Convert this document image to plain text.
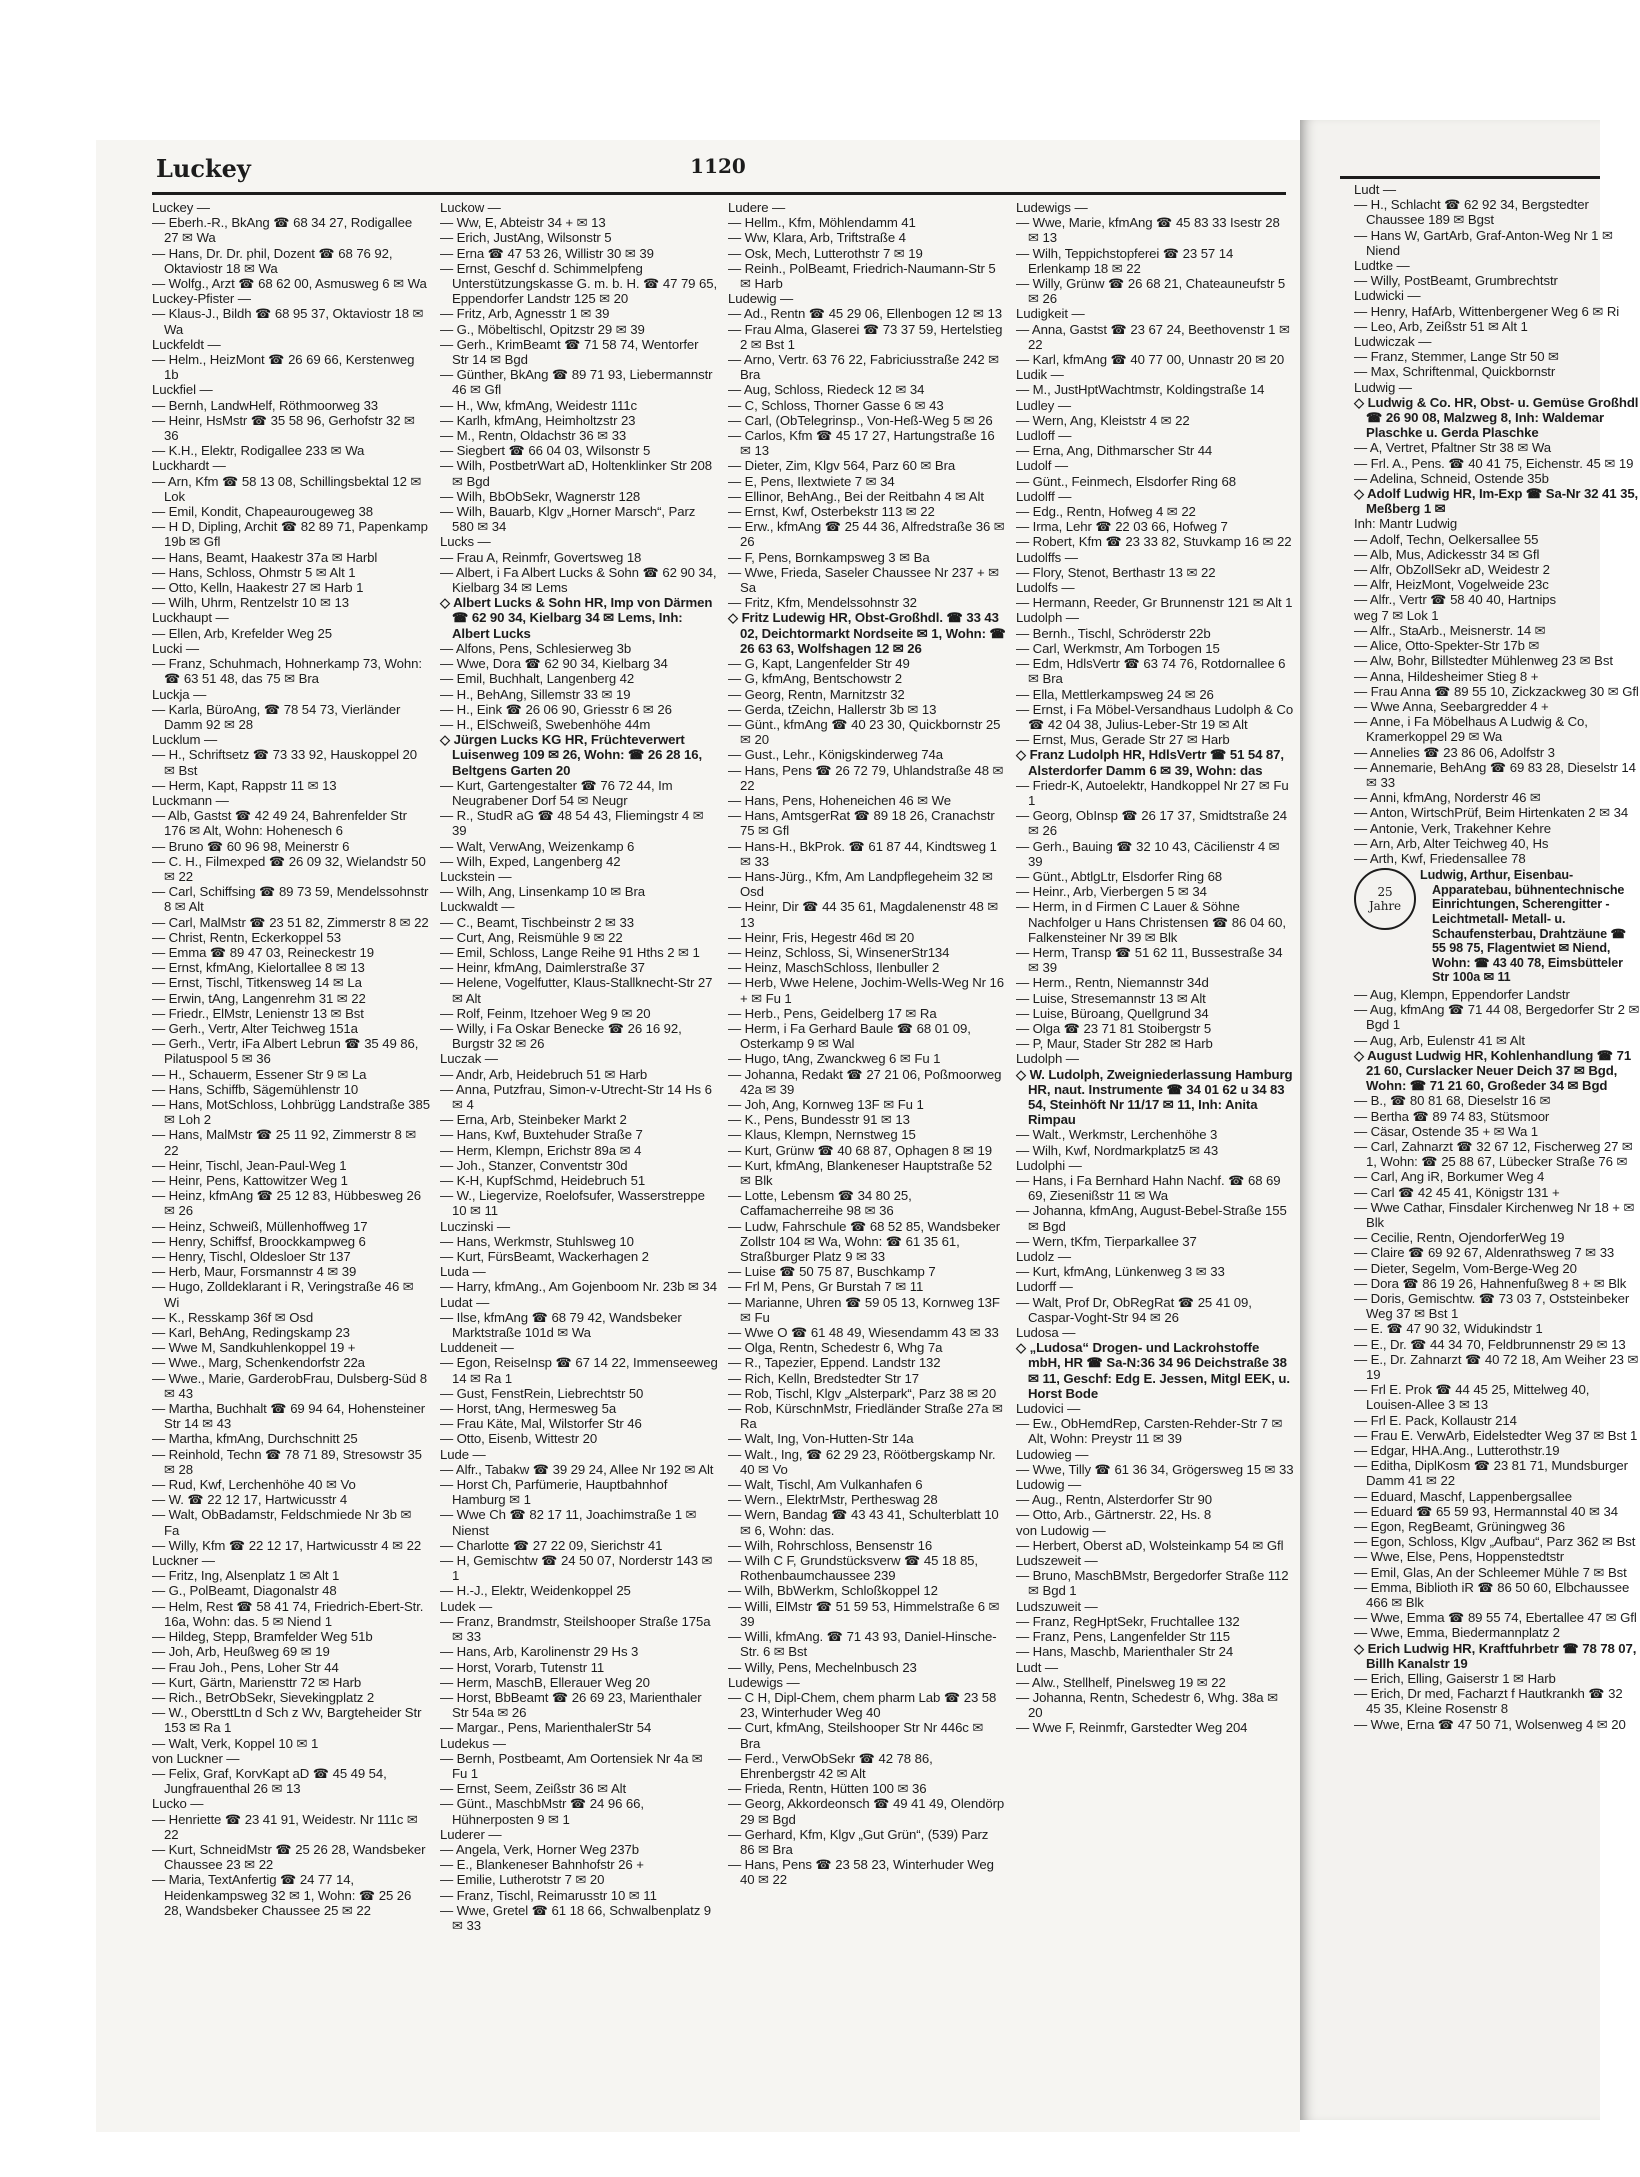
Luckey	1120
Luckey —
— Eberh.-R., BkAng ☎ 68 34 27, Rodigallee 27 ✉ Wa
— Hans, Dr. Dr. phil, Dozent ☎ 68 76 92, Oktaviostr 18 ✉ Wa
— Wolfg., Arzt ☎ 68 62 00, Asmusweg 6 ✉ Wa
Luckey-Pfister —
— Klaus-J., Bildh ☎ 68 95 37, Oktaviostr 18 ✉ Wa
Luckfeldt —
— Helm., HeizMont ☎ 26 69 66, Kerstenweg 1b
Luckfiel —
— Bernh, LandwHelf, Röthmoorweg 33
— Heinr, HsMstr ☎ 35 58 96, Gerhofstr 32 ✉ 36
— K.H., Elektr, Rodigallee 233 ✉ Wa
Luckhardt —
— Arn, Kfm ☎ 58 13 08, Schillingsbektal 12 ✉ Lok
— Emil, Kondit, Chapeaurougeweg 38
— H D, Dipling, Archit ☎ 82 89 71, Papenkamp 19b ✉ Gfl
— Hans, Beamt, Haakestr 37a ✉ Harbl
— Hans, Schloss, Ohmstr 5 ✉ Alt 1
— Otto, Kelln, Haakestr 27 ✉ Harb 1
— Wilh, Uhrm, Rentzelstr 10 ✉ 13
Luckhaupt —
— Ellen, Arb, Krefelder Weg 25
Lucki —
— Franz, Schuhmach, Hohnerkamp 73, Wohn: ☎ 63 51 48, das 75 ✉ Bra
Luckja —
— Karla, BüroAng, ☎ 78 54 73, Vierländer Damm 92 ✉ 28
Lucklum —
— H., Schriftsetz ☎ 73 33 92, Hauskoppel 20 ✉ Bst
— Herm, Kapt, Rappstr 11 ✉ 13
Luckmann —
— Alb, Gastst ☎ 42 49 24, Bahrenfelder Str 176 ✉ Alt, Wohn: Hohenesch 6
— Bruno ☎ 60 96 98, Meinerstr 6
— C. H., Filmexped ☎ 26 09 32, Wielandstr 50 ✉ 22
— Carl, Schiffsing ☎ 89 73 59, Mendelssohnstr 8 ✉ Alt
— Carl, MalMstr ☎ 23 51 82, Zimmerstr 8 ✉ 22
— Christ, Rentn, Eckerkoppel 53
— Emma ☎ 89 47 03, Reineckestr 19
— Ernst, kfmAng, Kielortallee 8 ✉ 13
— Ernst, Tischl, Titkensweg 14 ✉ La
— Erwin, tAng, Langenrehm 31 ✉ 22
— Friedr., ElMstr, Lenienstr 13 ✉ Bst
— Gerh., Vertr, Alter Teichweg 151a
— Gerh., Vertr, iFa Albert Lebrun ☎ 35 49 86, Pilatuspool 5 ✉ 36
— H., Schauerm, Essener Str 9 ✉ La
— Hans, Schiffb, Sägemühlenstr 10
— Hans, MotSchloss, Lohbrügg Landstraße 385 ✉ Loh 2
— Hans, MalMstr ☎ 25 11 92, Zimmerstr 8 ✉ 22
— Heinr, Tischl, Jean-Paul-Weg 1
— Heinr, Pens, Kattowitzer Weg 1
— Heinz, kfmAng ☎ 25 12 83, Hübbesweg 26 ✉ 26
— Heinz, Schweiß, Müllenhoffweg 17
— Henry, Schiffsf, Broockkampweg 6
— Henry, Tischl, Oldesloer Str 137
— Herb, Maur, Forsmannstr 4 ✉ 39
— Hugo, Zolldeklarant i R, Veringstraße 46 ✉ Wi
— K., Resskamp 36f ✉ Osd
— Karl, BehAng, Redingskamp 23
— Wwe M, Sandkuhlenkoppel 19 +
— Wwe., Marg, Schenkendorfstr 22a
— Wwe., Marie, GarderobFrau, Dulsberg-Süd 8 ✉ 43
— Martha, Buchhalt ☎ 69 94 64, Hohensteiner Str 14 ✉ 43
— Martha, kfmAng, Durchschnitt 25
— Reinhold, Techn ☎ 78 71 89, Stresowstr 35 ✉ 28
— Rud, Kwf, Lerchenhöhe 40 ✉ Vo
— W. ☎ 22 12 17, Hartwicusstr 4
— Walt, ObBadamstr, Feldschmiede Nr 3b ✉ Fa
— Willy, Kfm ☎ 22 12 17, Hartwicusstr 4 ✉ 22
Luckner —
— Fritz, Ing, Alsenplatz 1 ✉ Alt 1
— G., PolBeamt, Diagonalstr 48
— Helm, Rest ☎ 58 41 74, Friedrich-Ebert-Str. 16a, Wohn: das. 5 ✉ Niend 1
— Hildeg, Stepp, Bramfelder Weg 51b
— Joh, Arb, Heußweg 69 ✉ 19
— Frau Joh., Pens, Loher Str 44
— Kurt, Gärtn, Mariensttr 72 ✉ Harb
— Rich., BetrObSekr, Sievekingplatz 2
— W., ObersttLtn d Sch z Wv, Bargteheider Str 153 ✉ Ra 1
— Walt, Verk, Koppel 10 ✉ 1
von Luckner —
— Felix, Graf, KorvKapt aD ☎ 45 49 54, Jungfrauenthal 26 ✉ 13
Lucko —
— Henriette ☎ 23 41 91, Weidestr. Nr 111c ✉ 22
— Kurt, SchneidMstr ☎ 25 26 28, Wandsbeker Chaussee 23 ✉ 22
— Maria, TextAnfertig ☎ 24 77 14, Heidenkampsweg 32 ✉ 1, Wohn: ☎ 25 26 28, Wandsbeker Chaussee 25 ✉ 22
Luckow —
— Ww, E, Abteistr 34 + ✉ 13
— Erich, JustAng, Wilsonstr 5
— Erna ☎ 47 53 26, Willistr 30 ✉ 39
— Ernst, Geschf d. Schimmelpfeng Unterstützungskasse G. m. b. H. ☎ 47 79 65, Eppendorfer Landstr 125 ✉ 20
— Fritz, Arb, Agnesstr 1 ✉ 39
— G., Möbeltischl, Opitzstr 29 ✉ 39
— Gerh., KrimBeamt ☎ 71 58 74, Wentorfer Str 14 ✉ Bgd
— Günther, BkAng ☎ 89 71 93, Liebermannstr 46 ✉ Gfl
— H., Ww, kfmAng, Weidestr 111c
— Karlh, kfmAng, Heimholtzstr 23
— M., Rentn, Oldachstr 36 ✉ 33
— Siegbert ☎ 66 04 03, Wilsonstr 5
— Wilh, PostbetrWart aD, Holtenklinker Str 208 ✉ Bgd
— Wilh, BbObSekr, Wagnerstr 128
— Wilh, Bauarb, Klgv „Horner Marsch“, Parz 580 ✉ 34
Lucks —
— Frau A, Reinmfr, Govertsweg 18
— Albert, i Fa Albert Lucks & Sohn ☎ 62 90 34, Kielbarg 34 ✉ Lems
◇ Albert Lucks & Sohn HR, Imp von Därmen ☎ 62 90 34, Kielbarg 34 ✉ Lems, Inh: Albert Lucks
— Alfons, Pens, Schlesierweg 3b
— Wwe, Dora ☎ 62 90 34, Kielbarg 34
— Emil, Buchhalt, Langenberg 42
— H., BehAng, Sillemstr 33 ✉ 19
— H., Eink ☎ 26 06 90, Griesstr 6 ✉ 26
— H., ElSchweiß, Swebenhöhe 44m
◇ Jürgen Lucks KG HR, Früchteverwert Luisenweg 109 ✉ 26, Wohn: ☎ 26 28 16, Beltgens Garten 20
— Kurt, Gartengestalter ☎ 76 72 44, Im Neugrabener Dorf 54 ✉ Neugr
— R., StudR aG ☎ 48 54 43, Fliemingstr 4 ✉ 39
— Walt, VerwAng, Weizenkamp 6
— Wilh, Exped, Langenberg 42
Luckstein —
— Wilh, Ang, Linsenkamp 10 ✉ Bra
Luckwaldt —
— C., Beamt, Tischbeinstr 2 ✉ 33
— Curt, Ang, Reismühle 9 ✉ 22
— Emil, Schloss, Lange Reihe 91 Hths 2 ✉ 1
— Heinr, kfmAng, Daimlerstraße 37
— Helene, Vogelfutter, Klaus-Stallknecht-Str 27 ✉ Alt
— Rolf, Feinm, Itzehoer Weg 9 ✉ 20
— Willy, i Fa Oskar Benecke ☎ 26 16 92, Burgstr 32 ✉ 26
Luczak —
— Andr, Arb, Heidebruch 51 ✉ Harb
— Anna, Putzfrau, Simon-v-Utrecht-Str 14 Hs 6 ✉ 4
— Erna, Arb, Steinbeker Markt 2
— Hans, Kwf, Buxtehuder Straße 7
— Herm, Klempn, Erichstr 89a ✉ 4
— Joh., Stanzer, Conventstr 30d
— K-H, KupfSchmd, Heidebruch 51
— W., Liegervize, Roelofsufer, Wasserstreppe 10 ✉ 11
Luczinski —
— Hans, Werkmstr, Stuhlsweg 10
— Kurt, FürsBeamt, Wackerhagen 2
Luda —
— Harry, kfmAng., Am Gojenboom Nr. 23b ✉ 34
Ludat —
— Ilse, kfmAng ☎ 68 79 42, Wandsbeker Marktstraße 101d ✉ Wa
Luddeneit —
— Egon, ReiseInsp ☎ 67 14 22, Immenseeweg 14 ✉ Ra 1
— Gust, FenstRein, Liebrechtstr 50
— Horst, tAng, Hermesweg 5a
— Frau Käte, Mal, Wilstorfer Str 46
— Otto, Eisenb, Wittestr 20
Lude —
— Alfr., Tabakw ☎ 39 29 24, Allee Nr 192 ✉ Alt
— Horst Ch, Parfümerie, Hauptbahnhof Hamburg ✉ 1
— Wwe Ch ☎ 82 17 11, Joachimstraße 1 ✉ Nienst
— Charlotte ☎ 27 22 09, Sierichstr 41
— H, Gemischtw ☎ 24 50 07, Norderstr 143 ✉ 1
— H.-J., Elektr, Weidenkoppel 25
Ludek —
— Franz, Brandmstr, Steilshooper Straße 175a ✉ 33
— Hans, Arb, Karolinenstr 29 Hs 3
— Horst, Vorarb, Tutenstr 11
— Herm, MaschB, Ellerauer Weg 20
— Horst, BbBeamt ☎ 26 69 23, Marienthaler Str 54a ✉ 26
— Margar., Pens, MarienthalerStr 54
Ludekus —
— Bernh, Postbeamt, Am Oortensiek Nr 4a ✉ Fu 1
— Ernst, Seem, Zeißstr 36 ✉ Alt
— Günt., MaschbMstr ☎ 24 96 66, Hühnerposten 9 ✉ 1
Luderer —
— Angela, Verk, Horner Weg 237b
— E., Blankeneser Bahnhofstr 26 +
— Emilie, Lutherotstr 7 ✉ 20
— Franz, Tischl, Reimarusstr 10 ✉ 11
— Wwe, Gretel ☎ 61 18 66, Schwalbenplatz 9 ✉ 33
Ludere —
— Hellm., Kfm, Möhlendamm 41
— Ww, Klara, Arb, Triftstraße 4
— Osk, Mech, Lutterothstr 7 ✉ 19
— Reinh., PolBeamt, Friedrich-Naumann-Str 5 ✉ Harb
Ludewig —
— Ad., Rentn ☎ 45 29 06, Ellenbogen 12 ✉ 13
— Frau Alma, Glaserei ☎ 73 37 59, Hertelstieg 2 ✉ Bst 1
— Arno, Vertr. 63 76 22, Fabriciusstraße 242 ✉ Bra
— Aug, Schloss, Riedeck 12 ✉ 34
— C, Schloss, Thorner Gasse 6 ✉ 43
— Carl, (ObTelegrinsp., Von-Heß-Weg 5 ✉ 26
— Carlos, Kfm ☎ 45 17 27, Hartungstraße 16 ✉ 13
— Dieter, Zim, Klgv 564, Parz 60 ✉ Bra
— E, Pens, Ilextwiete 7 ✉ 34
— Ellinor, BehAng., Bei der Reitbahn 4 ✉ Alt
— Ernst, Kwf, Osterbekstr 113 ✉ 22
— Erw., kfmAng ☎ 25 44 36, Alfredstraße 36 ✉ 26
— F, Pens, Bornkampsweg 3 ✉ Ba
— Wwe, Frieda, Saseler Chaussee Nr 237 + ✉ Sa
— Fritz, Kfm, Mendelssohnstr 32
◇ Fritz Ludewig HR, Obst-Großhdl. ☎ 33 43 02, Deichtormarkt Nordseite ✉ 1, Wohn: ☎ 26 63 63, Wolfshagen 12 ✉ 26
— G, Kapt, Langenfelder Str 49
— G, kfmAng, Bentschowstr 2
— Georg, Rentn, Marnitzstr 32
— Gerda, tZeichn, Hallerstr 3b ✉ 13
— Günt., kfmAng ☎ 40 23 30, Quickbornstr 25 ✉ 20
— Gust., Lehr., Königskinderweg 74a
— Hans, Pens ☎ 26 72 79, Uhlandstraße 48 ✉ 22
— Hans, Pens, Hoheneichen 46 ✉ We
— Hans, AmtsgerRat ☎ 89 18 26, Cranachstr 75 ✉ Gfl
— Hans-H., BkProk. ☎ 61 87 44, Kindtsweg 1 ✉ 33
— Hans-Jürg., Kfm, Am Landpflegeheim 32 ✉ Osd
— Heinr, Dir ☎ 44 35 61, Magdalenenstr 48 ✉ 13
— Heinr, Fris, Hegestr 46d ✉ 20
— Heinz, Schloss, Si, WinsenerStr134
— Heinz, MaschSchloss, Ilenbuller 2
— Herb, Wwe Helene, Jochim-Wells-Weg Nr 16 + ✉ Fu 1
— Herb., Pens, Geidelberg 17 ✉ Ra
— Herm, i Fa Gerhard Baule ☎ 68 01 09, Osterkamp 9 ✉ Wal
— Hugo, tAng, Zwanckweg 6 ✉ Fu 1
— Johanna, Redakt ☎ 27 21 06, Poßmoorweg 42a ✉ 39
— Joh, Ang, Kornweg 13F ✉ Fu 1
— K., Pens, Bundesstr 91 ✉ 13
— Klaus, Klempn, Nernstweg 15
— Kurt, Grünw ☎ 40 68 87, Ophagen 8 ✉ 19
— Kurt, kfmAng, Blankeneser Hauptstraße 52 ✉ Blk
— Lotte, Lebensm ☎ 34 80 25, Caffamacherreihe 98 ✉ 36
— Ludw, Fahrschule ☎ 68 52 85, Wandsbeker Zollstr 104 ✉ Wa, Wohn: ☎ 61 35 61, Straßburger Platz 9 ✉ 33
— Luise ☎ 50 75 87, Buschkamp 7
— Frl M, Pens, Gr Burstah 7 ✉ 11
— Marianne, Uhren ☎ 59 05 13, Kornweg 13F ✉ Fu
— Wwe O ☎ 61 48 49, Wiesendamm 43 ✉ 33
— Olga, Rentn, Schedestr 6, Whg 7a
— R., Tapezier, Eppend. Landstr 132
— Rich, Kelln, Bredstedter Str 17
— Rob, Tischl, Klgv „Alsterpark“, Parz 38 ✉ 20
— Rob, KürschnMstr, Friedländer Straße 27a ✉ Ra
— Walt, Ing, Von-Hutten-Str 14a
— Walt., Ing, ☎ 62 29 23, Röötbergskamp Nr. 40 ✉ Vo
— Walt, Tischl, Am Vulkanhafen 6
— Wern., ElektrMstr, Pertheswag 28
— Wern, Bandag ☎ 43 43 41, Schulterblatt 10 ✉ 6, Wohn: das.
— Wilh, Rohrschloss, Bensenstr 16
— Wilh C F, Grundstücksverw ☎ 45 18 85, Rothenbaumchaussee 239
— Wilh, BbWerkm, Schloßkoppel 12
— Willi, ElMstr ☎ 51 59 53, Himmelstraße 6 ✉ 39
— Willi, kfmAng. ☎ 71 43 93, Daniel-Hinsche-Str. 6 ✉ Bst
— Willy, Pens, Mechelnbusch 23
Ludewigs —
— C H, Dipl-Chem, chem pharm Lab ☎ 23 58 23, Winterhuder Weg 40
— Curt, kfmAng, Steilshooper Str Nr 446c ✉ Bra
— Ferd., VerwObSekr ☎ 42 78 86, Ehrenbergstr 42 ✉ Alt
— Frieda, Rentn, Hütten 100 ✉ 36
— Georg, Akkordeonsch ☎ 49 41 49, Olendörp 29 ✉ Bgd
— Gerhard, Kfm, Klgv „Gut Grün“, (539) Parz 86 ✉ Bra
— Hans, Pens ☎ 23 58 23, Winterhuder Weg 40 ✉ 22
Ludewigs —
— Wwe, Marie, kfmAng ☎ 45 83 33 Isestr 28 ✉ 13
— Wilh, Teppichstopferei ☎ 23 57 14 Erlenkamp 18 ✉ 22
— Willy, Grünw ☎ 26 68 21, Chateauneufstr 5 ✉ 26
Ludigkeit —
— Anna, Gastst ☎ 23 67 24, Beethovenstr 1 ✉ 22
— Karl, kfmAng ☎ 40 77 00, Unnastr 20 ✉ 20
Ludik —
— M., JustHptWachtmstr, Koldingstraße 14
Ludley —
— Wern, Ang, Kleiststr 4 ✉ 22
Ludloff —
— Erna, Ang, Dithmarscher Str 44
Ludolf —
— Günt., Feinmech, Elsdorfer Ring 68
Ludolff —
— Edg., Rentn, Hofweg 4 ✉ 22
— Irma, Lehr ☎ 22 03 66, Hofweg 7
— Robert, Kfm ☎ 23 33 82, Stuvkamp 16 ✉ 22
Ludolffs —
— Flory, Stenot, Berthastr 13 ✉ 22
Ludolfs —
— Hermann, Reeder, Gr Brunnenstr 121 ✉ Alt 1
Ludolph —
— Bernh., Tischl, Schröderstr 22b
— Carl, Werkmstr, Am Torbogen 15
— Edm, HdlsVertr ☎ 63 74 76, Rotdornallee 6 ✉ Bra
— Ella, Mettlerkampsweg 24 ✉ 26
— Ernst, i Fa Möbel-Versandhaus Ludolph & Co ☎ 42 04 38, Julius-Leber-Str 19 ✉ Alt
— Ernst, Mus, Gerade Str 27 ✉ Harb
◇ Franz Ludolph HR, HdlsVertr ☎ 51 54 87, Alsterdorfer Damm 6 ✉ 39, Wohn: das
— Friedr-K, Autoelektr, Handkoppel Nr 27 ✉ Fu 1
— Georg, ObInsp ☎ 26 17 37, Smidtstraße 24 ✉ 26
— Gerh., Bauing ☎ 32 10 43, Cäcilienstr 4 ✉ 39
— Günt., AbtlgLtr, Elsdorfer Ring 68
— Heinr., Arb, Vierbergen 5 ✉ 34
— Herm, in d Firmen C Lauer & Söhne Nachfolger u Hans Christensen ☎ 86 04 60, Falkensteiner Nr 39 ✉ Blk
— Herm, Transp ☎ 51 62 11, Bussestraße 34 ✉ 39
— Herm., Rentn, Niemannstr 34d
— Luise, Stresemannstr 13 ✉ Alt
— Luise, Büroang, Quellgrund 34
— Olga ☎ 23 71 81 Stoibergstr 5
— P, Maur, Stader Str 282 ✉ Harb
Ludolph —
◇ W. Ludolph, Zweigniederlassung Hamburg HR, naut. Instrumente ☎ 34 01 62 u 34 83 54, Steinhöft Nr 11/17 ✉ 11, Inh: Anita Rimpau
— Walt., Werkmstr, Lerchenhöhe 3
— Wilh, Kwf, Nordmarkplatz5 ✉ 43
Ludolphi —
— Hans, i Fa Bernhard Hahn Nachf. ☎ 68 69 69, Ziesenißstr 11 ✉ Wa
— Johanna, kfmAng, August-Bebel-Straße 155 ✉ Bgd
— Wern, tKfm, Tierparkallee 37
Ludolz —
— Kurt, kfmAng, Lünkenweg 3 ✉ 33
Ludorff —
— Walt, Prof Dr, ObRegRat ☎ 25 41 09, Caspar-Voght-Str 94 ✉ 26
Ludosa —
◇ „Ludosa“ Drogen- und Lackrohstoffe mbH, HR ☎ Sa-N:36 34 96 Deichstraße 38 ✉ 11, Geschf: Edg E. Jessen, Mitgl EEK, u. Horst Bode
Ludovici —
— Ew., ObHemdRep, Carsten-Rehder-Str 7 ✉ Alt, Wohn: Preystr 11 ✉ 39
Ludowieg —
— Wwe, Tilly ☎ 61 36 34, Grögersweg 15 ✉ 33
Ludowig —
— Aug., Rentn, Alsterdorfer Str 90
— Otto, Arb., Gärtnerstr. 22, Hs. 8
von Ludowig —
— Herbert, Oberst aD, Wolsteinkamp 54 ✉ Gfl
Ludszeweit —
— Bruno, MaschBMstr, Bergedorfer Straße 112 ✉ Bgd 1
Ludszuweit —
— Franz, RegHptSekr, Fruchtallee 132
— Franz, Pens, Langenfelder Str 115
— Hans, Maschb, Marienthaler Str 24
Ludt —
— Alw., Stellhelf, Pinelsweg 19 ✉ 22
— Johanna, Rentn, Schedestr 6, Whg. 38a ✉ 20
— Wwe F, Reinmfr, Garstedter Weg 204
Ludt —
— H., Schlacht ☎ 62 92 34, Bergstedter Chaussee 189 ✉ Bgst
— Hans W, GartArb, Graf-Anton-Weg Nr 1 ✉ Niend
Ludtke —
— Willy, PostBeamt, Grumbrechtstr
Ludwicki —
— Henry, HafArb, Wittenbergener Weg 6 ✉ Ri
— Leo, Arb, Zeißstr 51 ✉ Alt 1
Ludwiczak —
— Franz, Stemmer, Lange Str 50 ✉
— Max, Schriftenmal, Quickbornstr
Ludwig —
◇ Ludwig & Co. HR, Obst- u. Gemüse Großhdl ☎ 26 90 08, Malzweg 8, Inh: Waldemar Plaschke u. Gerda Plaschke
— A, Vertret, Pfaltner Str 38 ✉ Wa
— Frl. A., Pens. ☎ 40 41 75, Eichenstr. 45 ✉ 19
— Adelina, Schneid, Ostende 35b
◇ Adolf Ludwig HR, Im-Exp ☎ Sa-Nr 32 41 35, Meßberg 1 ✉
Inh: Mantr Ludwig
— Adolf, Techn, Oelkersallee 55
— Alb, Mus, Adickesstr 34 ✉ Gfl
— Alfr, ObZollSekr aD, Weidestr 2
— Alfr, HeizMont, Vogelweide 23c
— Alfr., Vertr ☎ 58 40 40, Hartnips
weg 7 ✉ Lok 1
— Alfr., StaArb., Meisnerstr. 14 ✉
— Alice, Otto-Spekter-Str 17b ✉
— Alw, Bohr, Billstedter Mühlenweg 23 ✉ Bst
— Anna, Hildesheimer Stieg 8 +
— Frau Anna ☎ 89 55 10, Zickzackweg 30 ✉ Gfl
— Wwe Anna, Seebargredder 4 +
— Anne, i Fa Möbelhaus A Ludwig & Co, Kramerkoppel 29 ✉ Wa
— Annelies ☎ 23 86 06, Adolfstr 3
— Annemarie, BehAng ☎ 69 83 28, Dieselstr 14 ✉ 33
— Anni, kfmAng, Norderstr 46 ✉
— Anton, WirtschPrüf, Beim Hirtenkaten 2 ✉ 34
— Antonie, Verk, Trakehner Kehre
— Arn, Arb, Alter Teichweg 40, Hs
— Arth, Kwf, Friedensallee 78
25
Jahre
Ludwig, Arthur, Eisenbau-Apparatebau, bühnentechnische Einrichtungen, Scherengitter - Leichtmetall- Metall- u. Schaufensterbau, Drahtzäune ☎ 55 98 75, Flagentwiet ✉ Niend, Wohn: ☎ 43 40 78, Eimsbütteler Str 100a ✉ 11
— Aug, Klempn, Eppendorfer Landstr
— Aug, kfmAng ☎ 71 44 08, Bergedorfer Str 2 ✉ Bgd 1
— Aug, Arb, Eulenstr 41 ✉ Alt
◇ August Ludwig HR, Kohlenhandlung ☎ 71 21 60, Curslacker Neuer Deich 37 ✉ Bgd, Wohn: ☎ 71 21 60, Großeder 34 ✉ Bgd
— B., ☎ 80 81 68, Dieselstr 16 ✉
— Bertha ☎ 89 74 83, Stütsmoor
— Cäsar, Ostende 35 + ✉ Wa 1
— Carl, Zahnarzt ☎ 32 67 12, Fischerweg 27 ✉ 1, Wohn: ☎ 25 88 67, Lübecker Straße 76 ✉
— Carl, Ang iR, Borkumer Weg 4
— Carl ☎ 42 45 41, Königstr 131 +
— Wwe Cathar, Finsdaler Kirchenweg Nr 18 + ✉ Blk
— Cecilie, Rentn, OjendorferWeg 19
— Claire ☎ 69 92 67, Aldenrathsweg 7 ✉ 33
— Dieter, Segelm, Vom-Berge-Weg 20
— Dora ☎ 86 19 26, Hahnenfußweg 8 + ✉ Blk
— Doris, Gemischtw. ☎ 73 03 7, Oststeinbeker Weg 37 ✉ Bst 1
— E. ☎ 47 90 32, Widukindstr 1
— E., Dr. ☎ 44 34 70, Feldbrunnenstr 29 ✉ 13
— E., Dr. Zahnarzt ☎ 40 72 18, Am Weiher 23 ✉ 19
— Frl E. Prok ☎ 44 45 25, Mittelweg 40, Louisen-Allee 3 ✉ 13
— Frl E. Pack, Kollaustr 214
— Frau E. VerwArb, Eidelstedter Weg 37 ✉ Bst 1
— Edgar, HHA.Ang., Lutterothstr.19
— Editha, DiplKosm ☎ 23 81 71, Mundsburger Damm 41 ✉ 22
— Eduard, Maschf, Lappenbergsallee
— Eduard ☎ 65 59 93, Hermannstal 40 ✉ 34
— Egon, RegBeamt, Grüningweg 36
— Egon, Schloss, Klgv „Aufbau“, Parz 362 ✉ Bst
— Wwe, Else, Pens, Hoppenstedtstr
— Emil, Glas, An der Schleemer Mühle 7 ✉ Bst
— Emma, Biblioth iR ☎ 86 50 60, Elbchaussee 466 ✉ Blk
— Wwe, Emma ☎ 89 55 74, Ebertallee 47 ✉ Gfl
— Wwe, Emma, Biedermannplatz 2
◇ Erich Ludwig HR, Kraftfuhrbetr ☎ 78 78 07, Billh Kanalstr 19
— Erich, Elling, Gaiserstr 1 ✉ Harb
— Erich, Dr med, Facharzt f Hautkrankh ☎ 32 45 35, Kleine Rosenstr 8
— Wwe, Erna ☎ 47 50 71, Wolsenweg 4 ✉ 20
